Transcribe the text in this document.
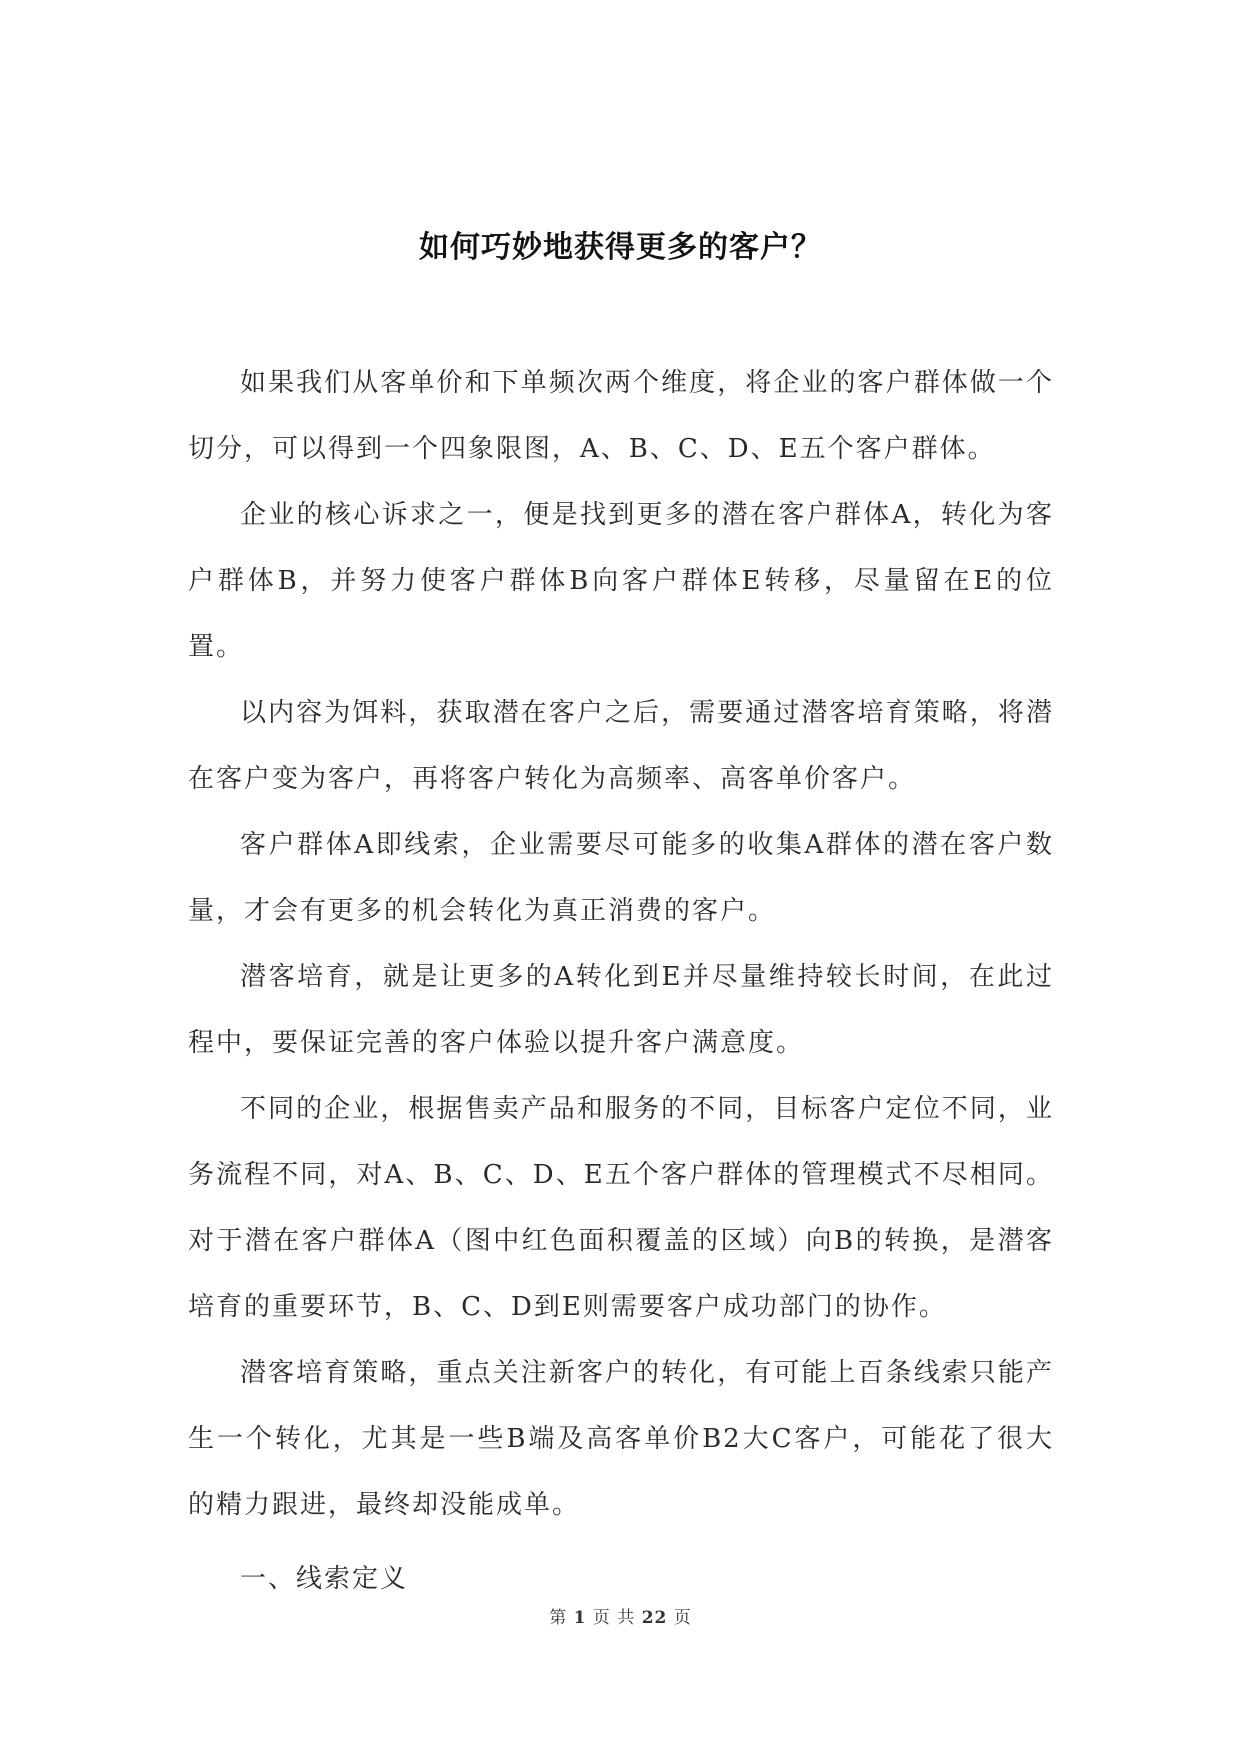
如何巧妙地获得更多的客户？

如果我们从客单价和下单频次两个维度，将企业的客户群体做一个切分，可以得到一个四象限图，A、B、C、D、E五个客户群体。

企业的核心诉求之一，便是找到更多的潜在客户群体A，转化为客户群体B，并努力使客户群体B向客户群体E转移，尽量留在E的位置。

以内容为饵料，获取潜在客户之后，需要通过潜客培育策略，将潜在客户变为客户，再将客户转化为高频率、高客单价客户。

客户群体A即线索，企业需要尽可能多的收集A群体的潜在客户数量，才会有更多的机会转化为真正消费的客户。

潜客培育，就是让更多的A转化到E并尽量维持较长时间，在此过程中，要保证完善的客户体验以提升客户满意度。

不同的企业，根据售卖产品和服务的不同，目标客户定位不同，业务流程不同，对A、B、C、D、E五个客户群体的管理模式不尽相同。对于潜在客户群体A（图中红色面积覆盖的区域）向B的转换，是潜客培育的重要环节，B、C、D到E则需要客户成功部门的协作。

潜客培育策略，重点关注新客户的转化，有可能上百条线索只能产生一个转化，尤其是一些B端及高客单价B2大C客户，可能花了很大的精力跟进，最终却没能成单。

一、线索定义

第 1 页 共 22 页
